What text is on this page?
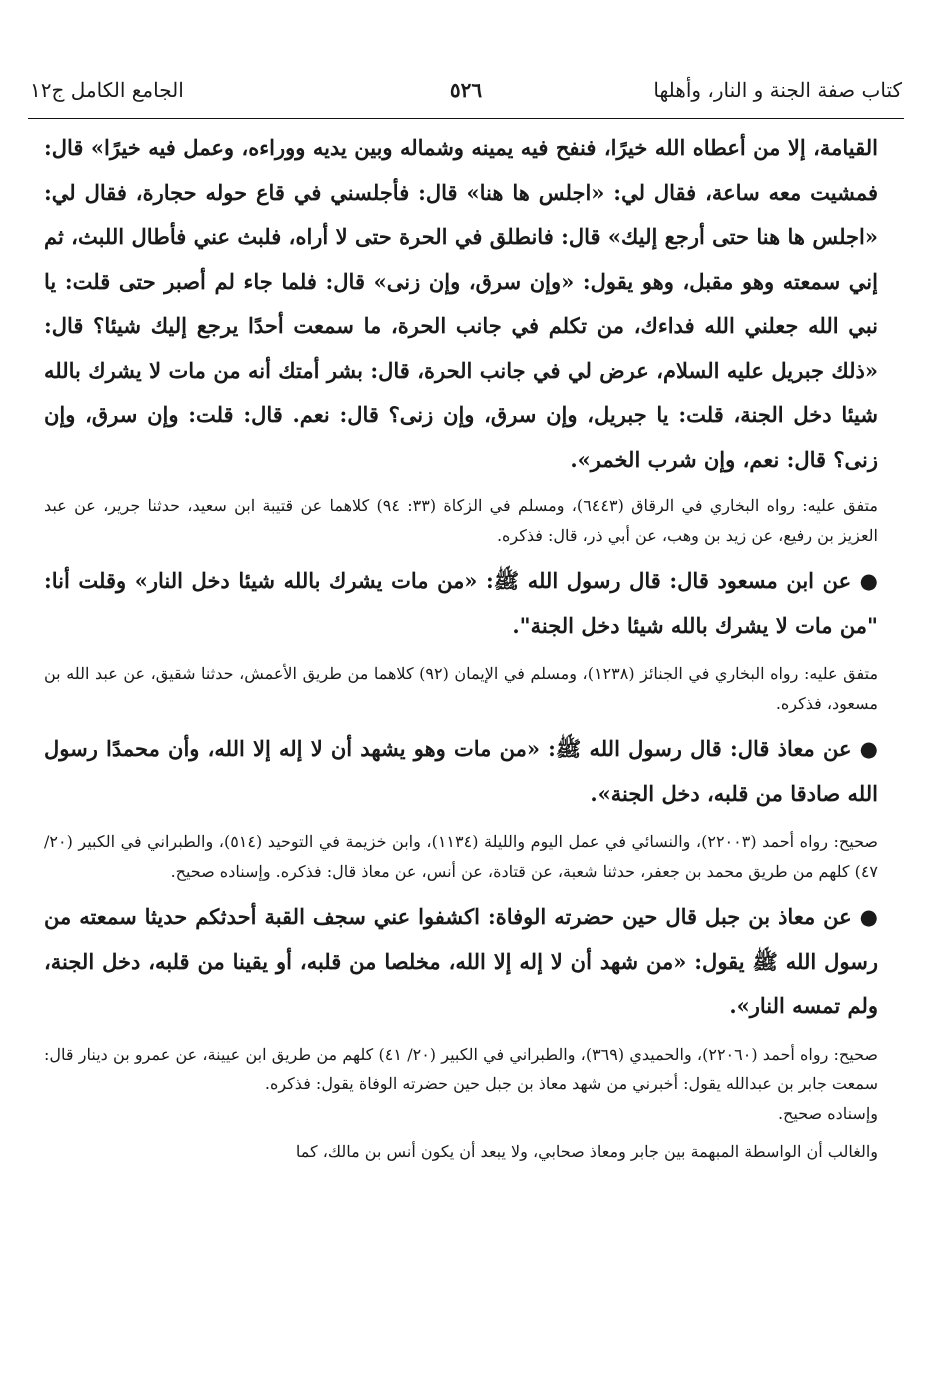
كتاب صفة الجنة و النار، وأهلها
٥٢٦
الجامع الكامل ج١٢

القيامة، إلا من أعطاه الله خيرًا، فنفح فيه يمينه وشماله وبين يديه ووراءه، وعمل فيه خيرًا» قال: فمشيت معه ساعة، فقال لي: «اجلس ها هنا» قال: فأجلسني في قاع حوله حجارة، فقال لي: «اجلس ها هنا حتى أرجع إليك» قال: فانطلق في الحرة حتى لا أراه، فلبث عني فأطال اللبث، ثم إني سمعته وهو مقبل، وهو يقول: «وإن سرق، وإن زنى» قال: فلما جاء لم أصبر حتى قلت: يا نبي الله جعلني الله فداءك، من تكلم في جانب الحرة، ما سمعت أحدًا يرجع إليك شيئا؟ قال: «ذلك جبريل عليه السلام، عرض لي في جانب الحرة، قال: بشر أمتك أنه من مات لا يشرك بالله شيئا دخل الجنة، قلت: يا جبريل، وإن سرق، وإن زنى؟ قال: نعم. قال: قلت: وإن سرق، وإن زنى؟ قال: نعم، وإن شرب الخمر».

متفق عليه: رواه البخاري في الرقاق (٦٤٤٣)، ومسلم في الزكاة (٣٣: ٩٤) كلاهما عن قتيبة ابن سعيد، حدثنا جرير، عن عبد العزيز بن رفيع، عن زيد بن وهب، عن أبي ذر، قال: فذكره.

● عن ابن مسعود قال: قال رسول الله ﷺ: «من مات يشرك بالله شيئا دخل النار» وقلت أنا: "من مات لا يشرك بالله شيئا دخل الجنة".

متفق عليه: رواه البخاري في الجنائز (١٢٣٨)، ومسلم في الإيمان (٩٢) كلاهما من طريق الأعمش، حدثنا شقيق، عن عبد الله بن مسعود، فذكره.

● عن معاذ قال: قال رسول الله ﷺ: «من مات وهو يشهد أن لا إله إلا الله، وأن محمدًا رسول الله صادقا من قلبه، دخل الجنة».

صحيح: رواه أحمد (٢٢٠٠٣)، والنسائي في عمل اليوم والليلة (١١٣٤)، وابن خزيمة في التوحيد (٥١٤)، والطبراني في الكبير (٢٠/ ٤٧) كلهم من طريق محمد بن جعفر، حدثنا شعبة، عن قتادة، عن أنس، عن معاذ قال: فذكره. وإسناده صحيح.

● عن معاذ بن جبل قال حين حضرته الوفاة: اكشفوا عني سجف القبة أحدثكم حديثا سمعته من رسول الله ﷺ يقول: «من شهد أن لا إله إلا الله، مخلصا من قلبه، أو يقينا من قلبه، دخل الجنة، ولم تمسه النار».

صحيح: رواه أحمد (٢٢٠٦٠)، والحميدي (٣٦٩)، والطبراني في الكبير (٢٠/ ٤١) كلهم من طريق ابن عيينة، عن عمرو بن دينار قال: سمعت جابر بن عبدالله يقول: أخبرني من شهد معاذ بن جبل حين حضرته الوفاة يقول: فذكره.

وإسناده صحيح.

والغالب أن الواسطة المبهمة بين جابر ومعاذ صحابي، ولا يبعد أن يكون أنس بن مالك، كما
